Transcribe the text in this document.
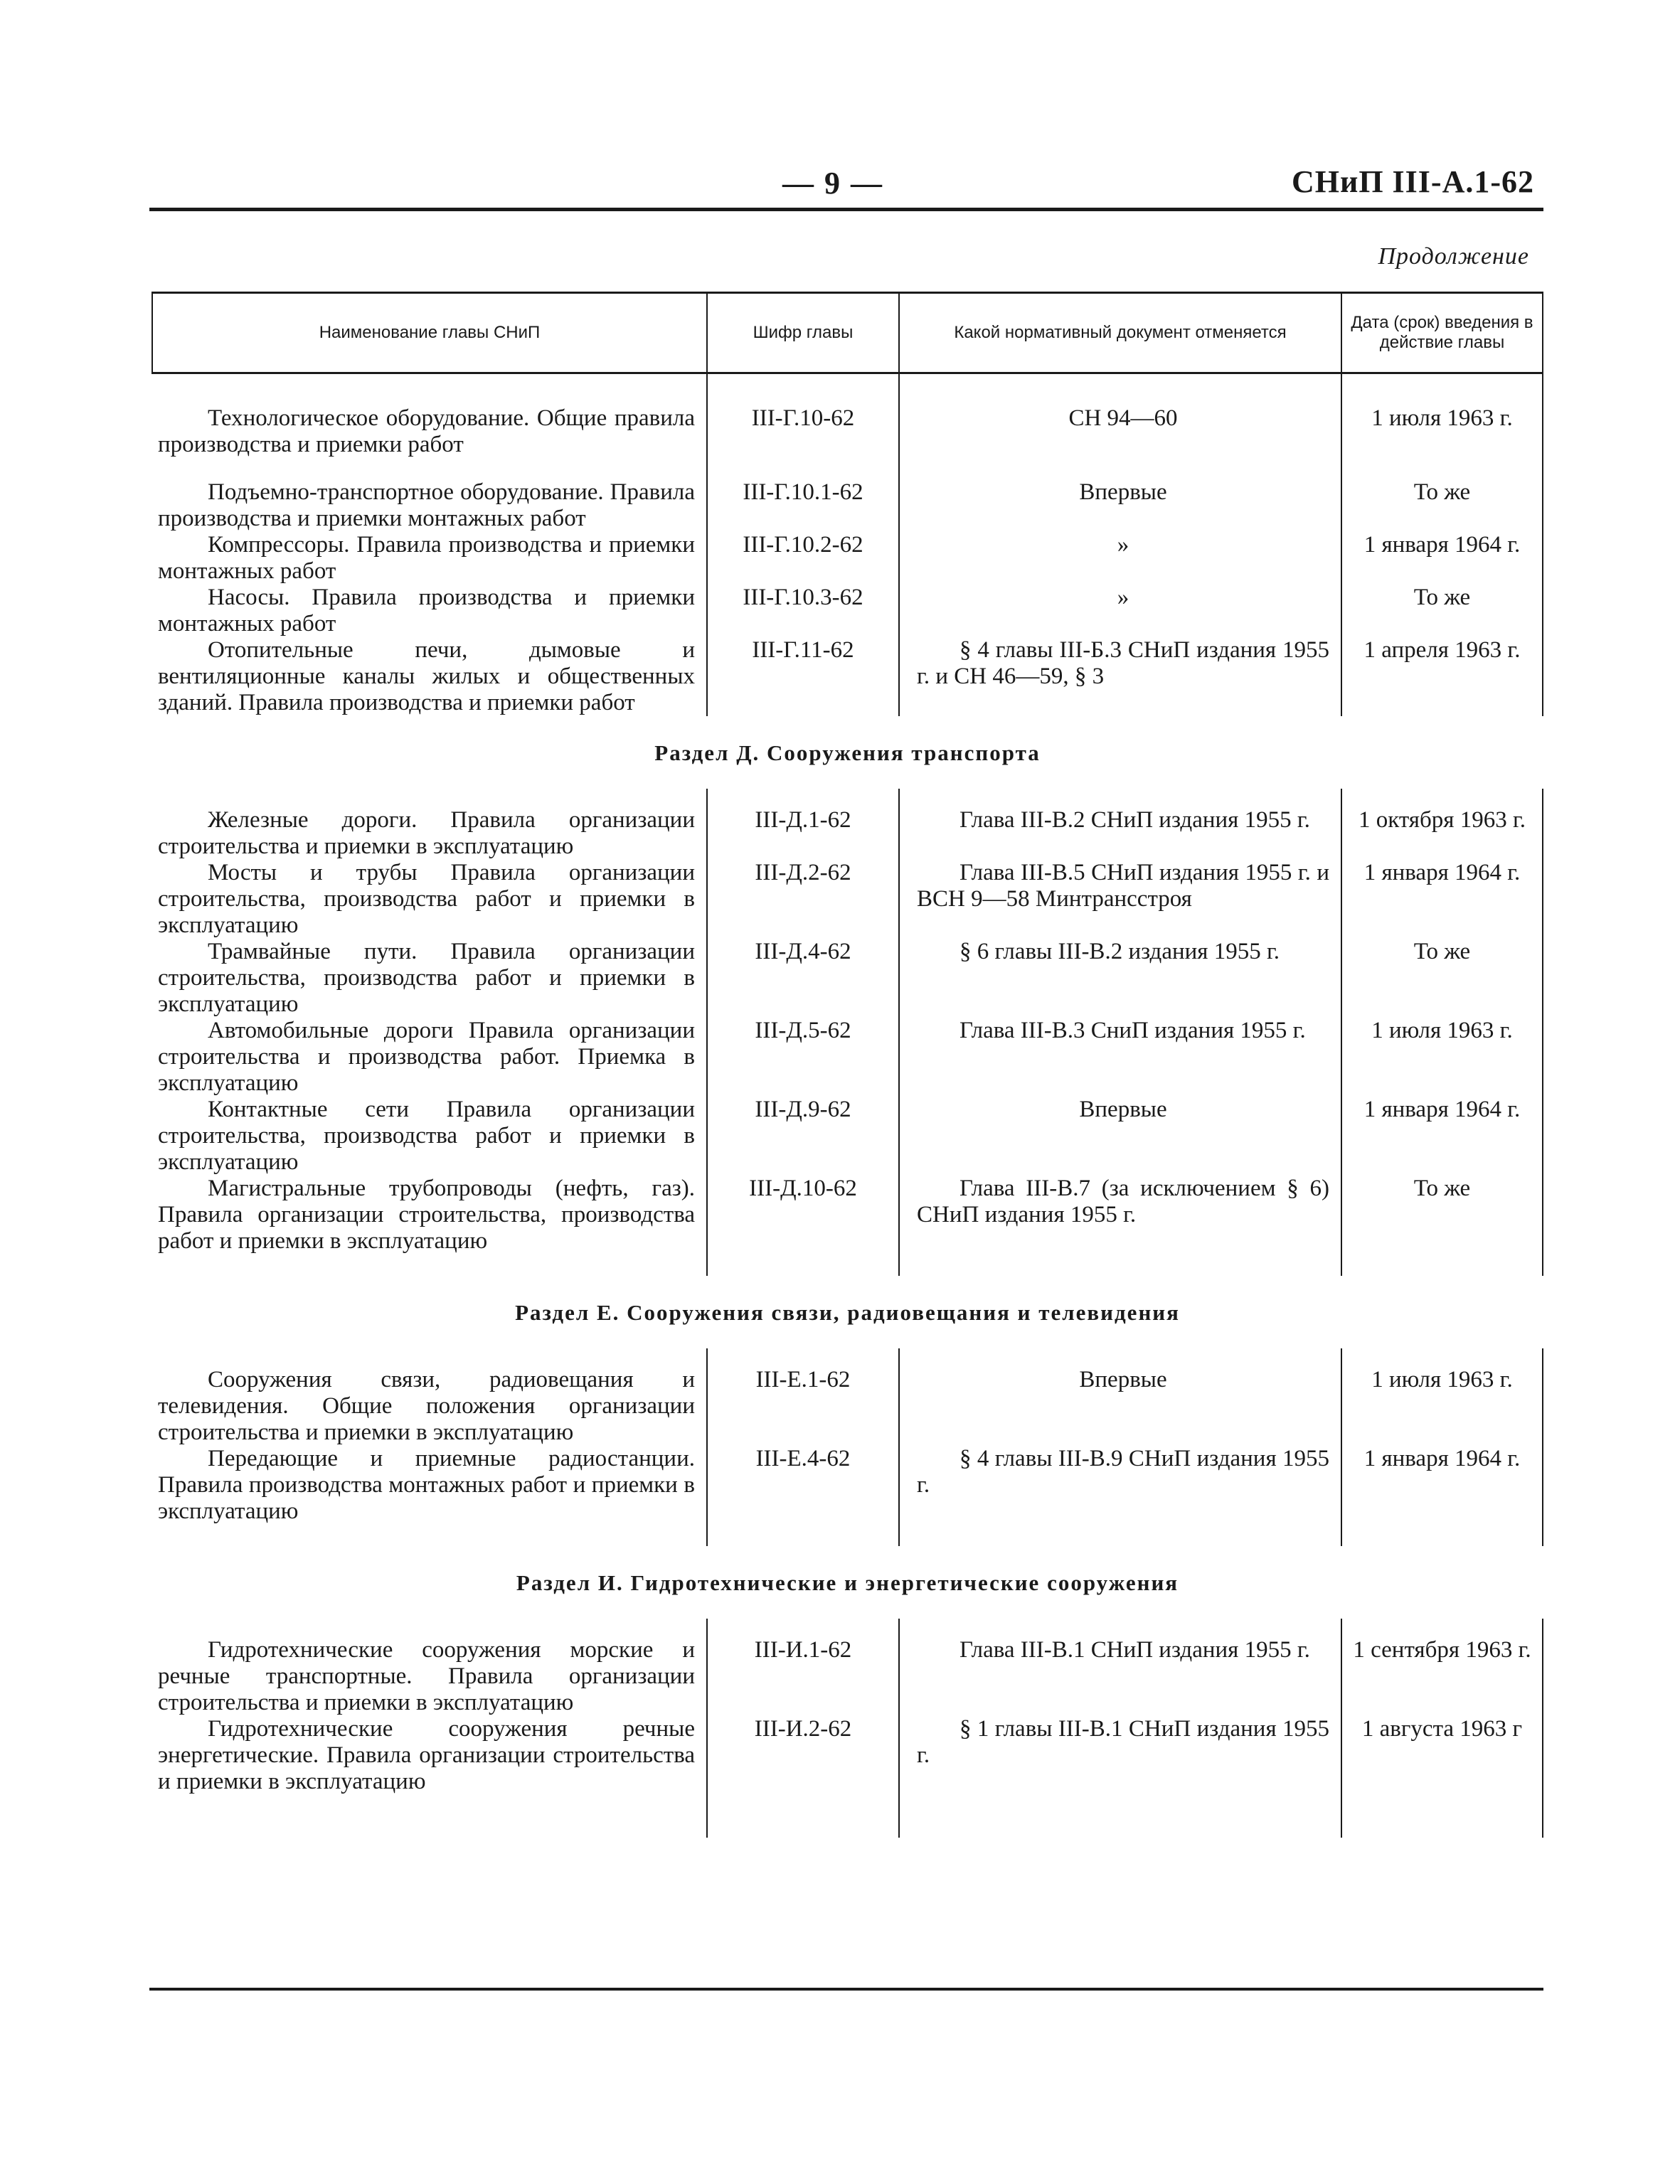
— 9 —	СНиП III-А.1-62
Продолжение
Наименование главы СНиП	Шифр главы	Какой нормативный документ отменяется	Дата (срок) введения в действие главы
Технологическое оборудование. Общие правила производства и приемки работ	III-Г.10-62	СН 94—60	1 июля 1963 г.
Подъемно-транспортное оборудование. Правила производства и приемки монтажных работ	III-Г.10.1-62	Впервые	То же
Компрессоры. Правила производства и приемки монтажных работ	III-Г.10.2-62	»	1 января 1964 г.
Насосы. Правила производства и приемки монтажных работ	III-Г.10.3-62	»	То же
Отопительные печи, дымовые и вентиляционные каналы жилых и общественных зданий. Правила производства и приемки работ	III-Г.11-62	§ 4 главы III-Б.3 СНиП издания 1955 г. и СН 46—59, § 3	1 апреля 1963 г.
Раздел Д. Сооружения транспорта			
Железные дороги. Правила организации строительства и приемки в эксплуатацию	III-Д.1-62	Глава III-В.2 СНиП издания 1955 г.	1 октября 1963 г.
Мосты и трубы Правила организации строительства, производства работ и приемки в эксплуатацию	III-Д.2-62	Глава III-В.5 СНиП издания 1955 г. и ВСН 9—58 Минтрансстроя	1 января 1964 г.
Трамвайные пути. Правила организации строительства, производства работ и приемки в эксплуатацию	III-Д.4-62	§ 6 главы III-В.2 издания 1955 г.	То же
Автомобильные дороги Правила организации строительства и производства работ. Приемка в эксплуатацию	III-Д.5-62	Глава III-В.3 СниП издания 1955 г.	1 июля 1963 г.
Контактные сети Правила организации строительства, производства работ и приемки в эксплуатацию	III-Д.9-62	Впервые	1 января 1964 г.
Магистральные трубопроводы (нефть, газ). Правила организации строительства, производства работ и приемки в эксплуатацию	III-Д.10-62	Глава III-В.7 (за исключением § 6) СНиП издания 1955 г.	То же
Раздел Е. Сооружения связи, радиовещания и телевидения			
Сооружения связи, радиовещания и телевидения. Общие положения организации строительства и приемки в эксплуатацию	III-Е.1-62	Впервые	1 июля 1963 г.
Передающие и приемные радиостанции. Правила производства монтажных работ и приемки в эксплуатацию	III-Е.4-62	§ 4 главы III-В.9 СНиП издания 1955 г.	1 января 1964 г.
Раздел И. Гидротехнические и энергетические сооружения			
Гидротехнические сооружения морские и речные транспортные. Правила организации строительства и приемки в эксплуатацию	III-И.1-62	Глава III-В.1 СНиП издания 1955 г.	1 сентября 1963 г.
Гидротехнические сооружения речные энергетические. Правила организации строительства и приемки в эксплуатацию	III-И.2-62	§ 1 главы III-В.1 СНиП издания 1955 г.	1 августа 1963 г
